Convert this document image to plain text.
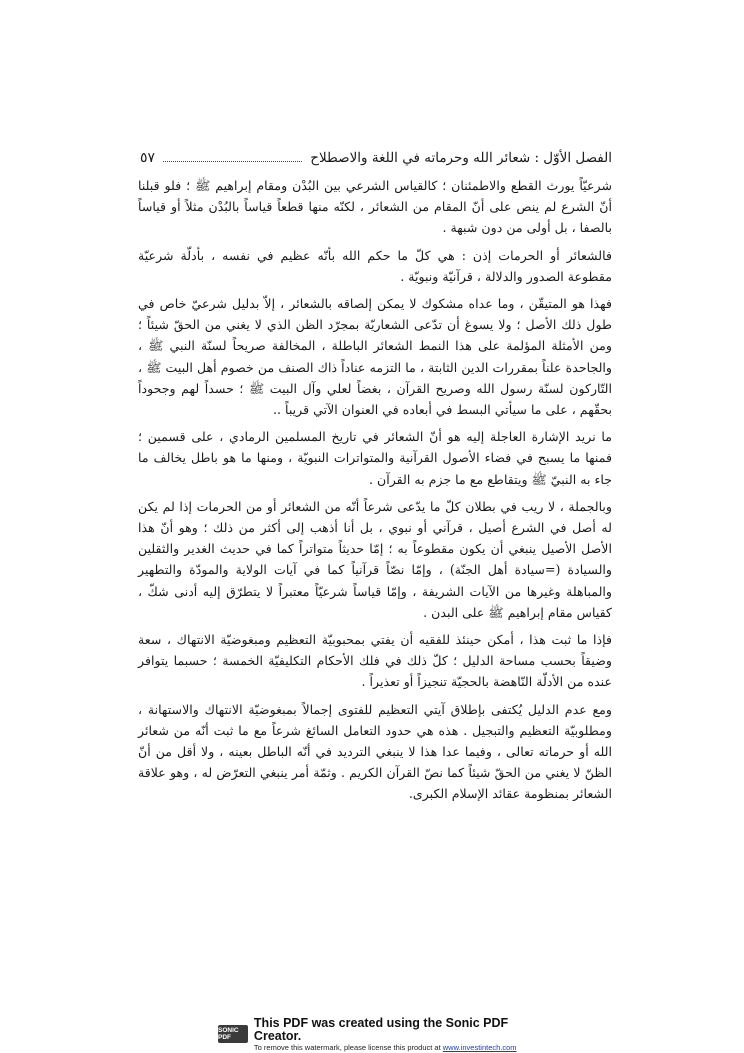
الفصل الأوّل : شعائر الله وحرماته في اللغة والاصطلاح
٥٧

شرعيّاً يورث القطع والاطمئنان ؛ كالقياس الشرعي بين البُدْن ومقام إبراهيم ﷺ ؛ فلو قبلنا أنّ الشرع لم ينص على أنّ المقام من الشعائر ، لكنّه منها قطعاً قياساً بالبُدْن مثلاً أو قياساً بالصفا ، بل أولى من دون شبهة .

فالشعائر أو الحرمات إذن : هي كلّ ما حكم الله بأنّه عظيم في نفسه ، بأدلّة شرعيّة مقطوعة الصدور والدلالة ، قرآنيّة ونبويّة .

فهذا هو المتيقّن ، وما عداه مشكوك لا يمكن إلصاقه بالشعائر ، إلاّ بدليل شرعيّ خاص في طول ذلك الأصل ؛ ولا يسوغ أن تدّعى الشعاريّة بمجرّد الظن الذي لا يغني من الحقّ شيئاً ؛ ومن الأمثلة المؤلمة على هذا النمط الشعائر الباطلة ، المخالفة صريحاً لسنّة النبي ﷺ ، والجاحدة علناً بمقررات الدين الثابتة ، ما التزمه عناداً ذاك الصنف من خصوم أهل البيت ﷺ ، التّاركون لسنّة رسول الله وصريح القرآن ، بغضاً لعلي وآل البيت ﷺ ؛ حسداً لهم وجحوداً بحقّهم ، على ما سيأتي البسط في أبعاده في العنوان الآتي قريباً ..

ما نريد الإشارة العاجلة إليه هو أنّ الشعائر في تاريخ المسلمين الرمادي ، على قسمين ؛ فمنها ما يسبح في فضاء الأصول القرآنية والمتواترات النبويّة ، ومنها ما هو باطل يخالف ما جاء به النبيّ ﷺ ويتقاطع مع ما جزم به القرآن .

وبالجملة ، لا ريب في بطلان كلّ ما يدّعى شرعاً أنّه من الشعائر أو من الحرمات إذا لم يكن له أصل في الشرع أصيل ، قرآني أو نبوي ، بل أنا أذهب إلى أكثر من ذلك ؛ وهو أنّ هذا الأصل الأصيل ينبغي أن يكون مقطوعاً به ؛ إمّا حديثاً متواتراً كما في حديث الغدير والثقلين والسيادة (=سيادة أهل الجنّة) ، وإمّا نصّاً قرآنياً كما في آيات الولاية والمودّة والتطهير والمباهلة وغيرها من الآيات الشريفة ، وإمّا قياساً شرعيّاً معتبراً لا يتطرّق إليه أدنى شكّ ، كقياس مقام إبراهيم ﷺ على البدن .

فإذا ما ثبت هذا ، أمكن حينئذ للفقيه أن يفتي بمحبوبيّة التعظيم ومبغوضيّة الانتهاك ، سعة وضيقاً بحسب مساحة الدليل ؛ كلّ ذلك في فلك الأحكام التكليفيّة الخمسة ؛ حسبما يتوافر عنده من الأدلّة النّاهضة بالحجيّة تنجيزاً أو تعذيراً .

ومع عدم الدليل يُكتفى بإطلاق آيتي التعظيم للفتوى إجمالاً بمبغوضيّة الانتهاك والاستهانة ، ومطلوبيّة التعظيم والتبجيل . هذه هي حدود التعامل السائغ شرعاً مع ما ثبت أنّه من شعائر الله أو حرماته تعالى ، وفيما عدا هذا لا ينبغي التردید في أنّه الباطل بعينه ، ولا أقل من أنّ الظنّ لا يغني من الحقّ شيئاً كما نصّ القرآن الكريم . وثمّة أمر ينبغي التعرّض له ، وهو علاقة الشعائر بمنظومة عقائد الإسلام الكبرى.

SONIC PDF
This PDF was created using the Sonic PDF Creator.
To remove this watermark, please license this product at www.investintech.com
